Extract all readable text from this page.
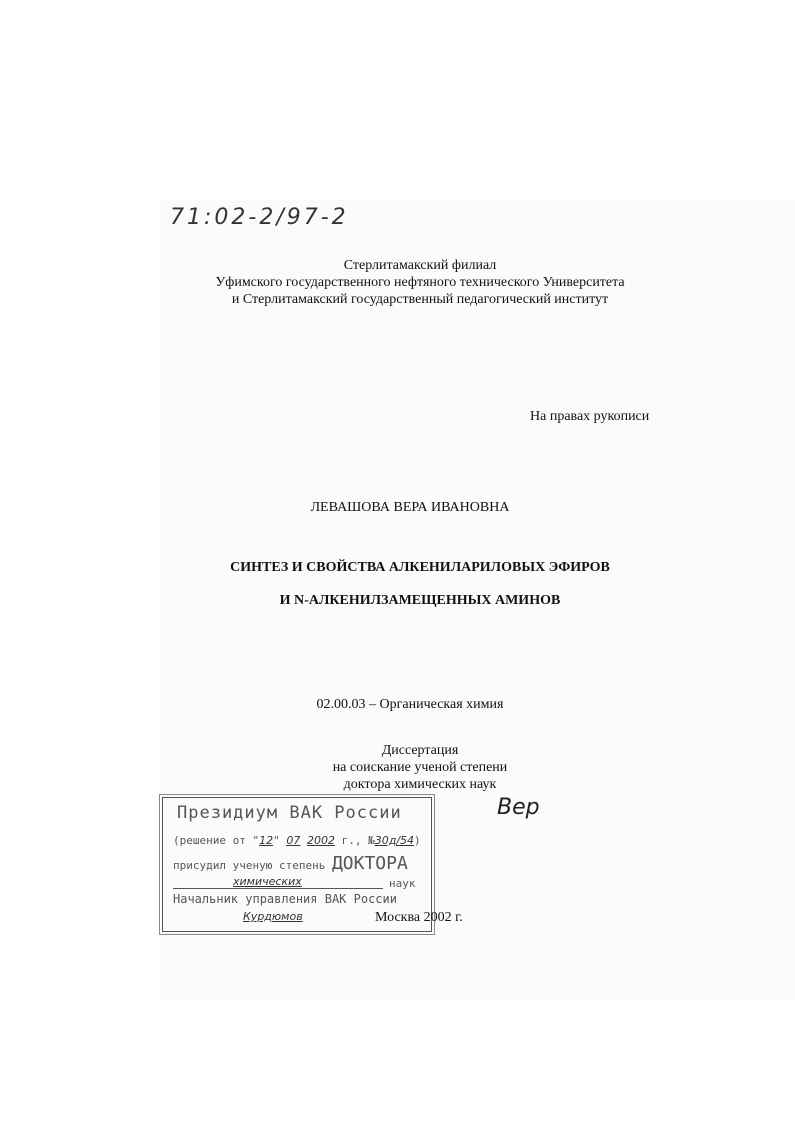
71:02-2/97-2
Стерлитамакский филиал
Уфимского государственного нефтяного технического Университета
и Стерлитамакский государственный педагогический институт
На правах рукописи
ЛЕВАШОВА ВЕРА ИВАНОВНА
СИНТЕЗ И СВОЙСТВА АЛКЕНИЛАРИЛОВЫХ ЭФИРОВ
И N-АЛКЕНИЛЗАМЕЩЕННЫХ АМИНОВ
02.00.03 – Органическая химия
Диссертация
на соискание ученой степени
доктора химических наук
Вер
Президиум ВАК России
(решение от "12" 07 2002 г., №30д/54)
присудил ученую степень ДОКТОРА
химических	наук
Начальник управления ВАК России
Курдюмов	Москва 2002 г.
